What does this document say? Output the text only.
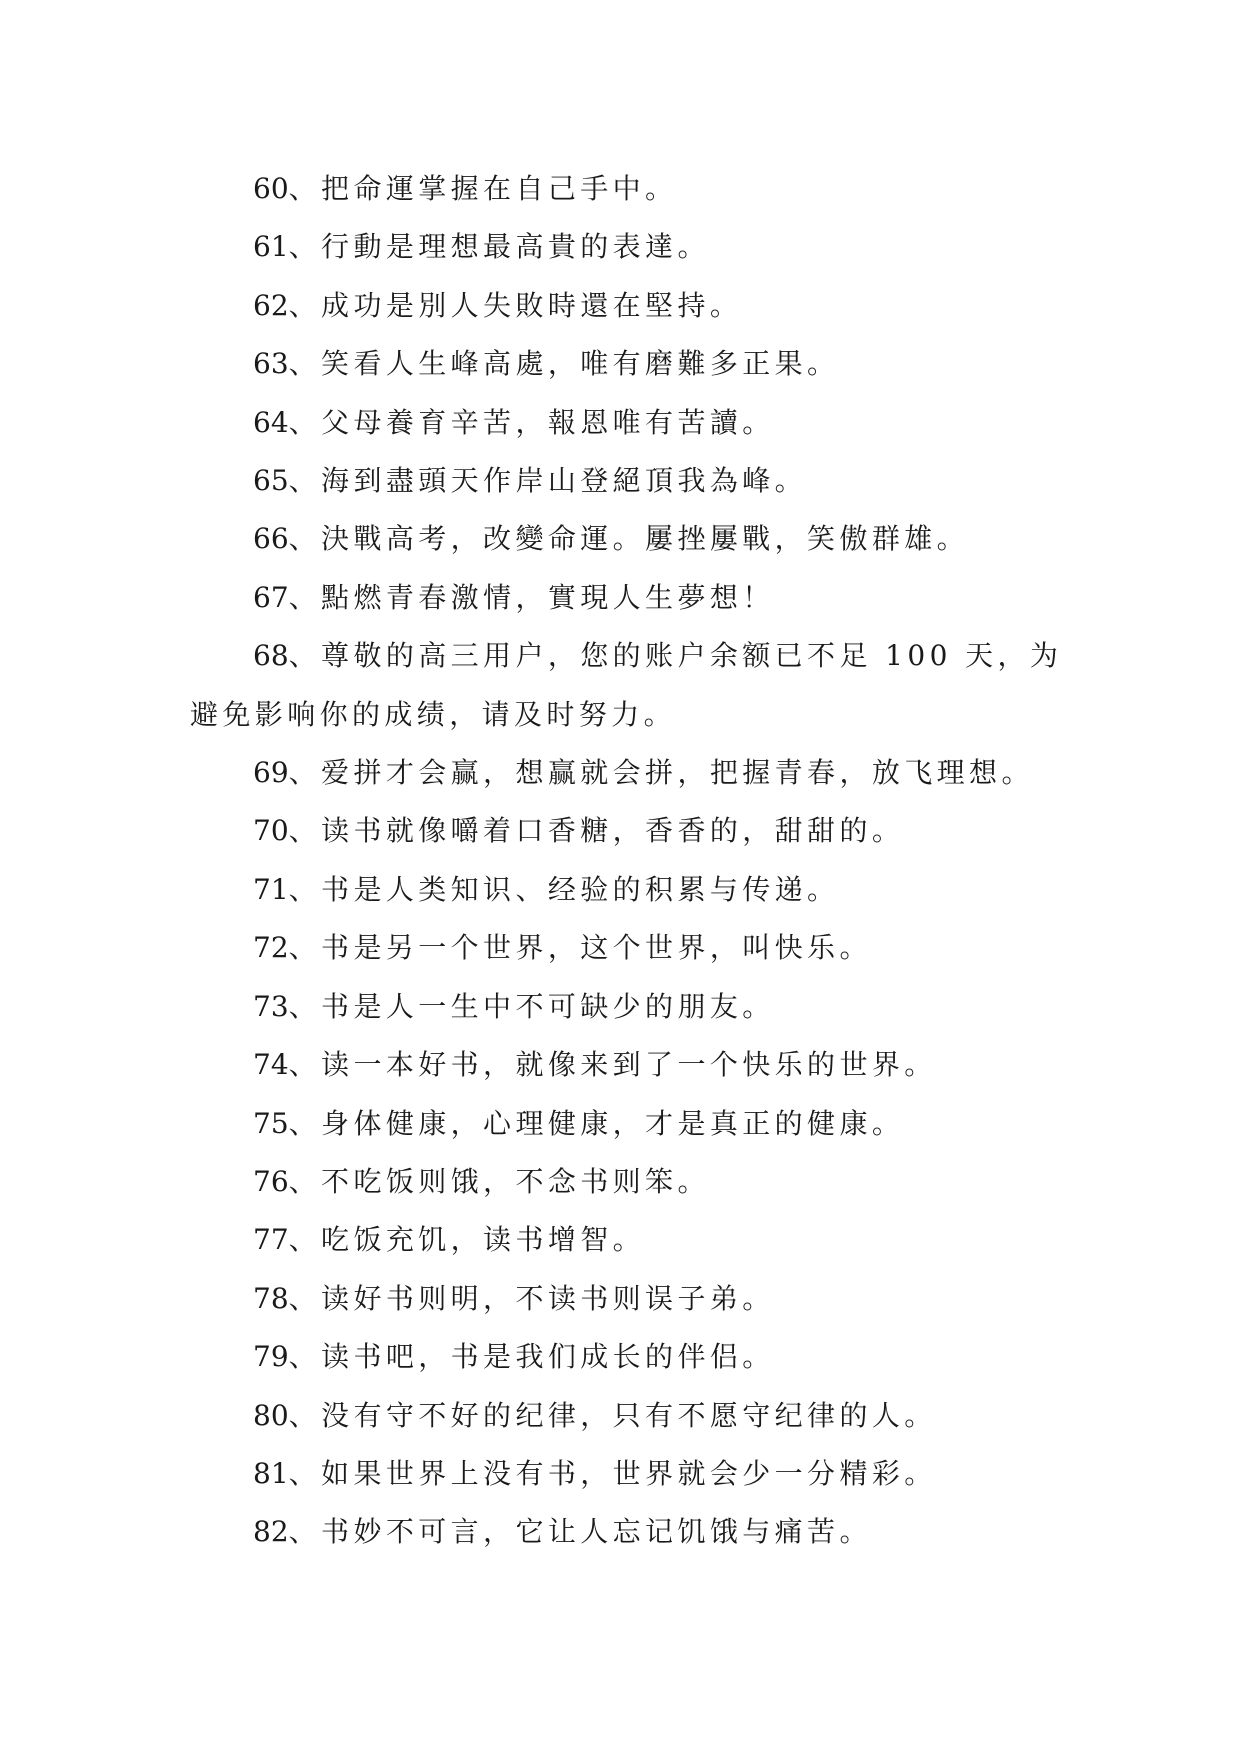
60、把命運掌握在自己手中。

61、行動是理想最高貴的表達。

62、成功是別人失敗時還在堅持。

63、笑看人生峰高處，唯有磨難多正果。

64、父母養育辛苦，報恩唯有苦讀。

65、海到盡頭天作岸山登絕頂我為峰。

66、決戰高考，改變命運。屢挫屢戰，笑傲群雄。

67、點燃青春激情，實現人生夢想！

68、尊敬的高三用户，您的账户余额已不足 100 天，为

避免影响你的成绩，请及时努力。

69、爱拼才会赢，想赢就会拼，把握青春，放飞理想。

70、读书就像嚼着口香糖，香香的，甜甜的。

71、书是人类知识、经验的积累与传递。

72、书是另一个世界，这个世界，叫快乐。

73、书是人一生中不可缺少的朋友。

74、读一本好书，就像来到了一个快乐的世界。

75、身体健康，心理健康，才是真正的健康。

76、不吃饭则饿，不念书则笨。

77、吃饭充饥，读书增智。

78、读好书则明，不读书则误子弟。

79、读书吧，书是我们成长的伴侣。

80、没有守不好的纪律，只有不愿守纪律的人。

81、如果世界上没有书，世界就会少一分精彩。

82、书妙不可言，它让人忘记饥饿与痛苦。
